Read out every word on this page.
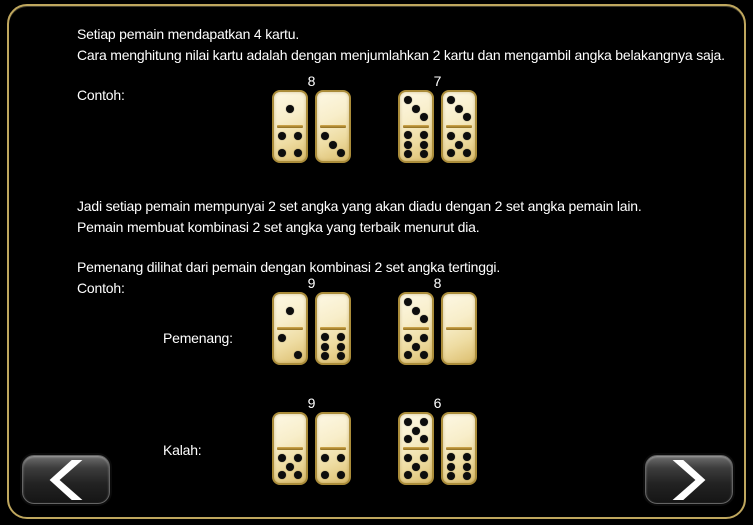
Setiap pemain mendapatkan 4 kartu.
Cara menghitung nilai kartu adalah dengan menjumlahkan 2 kartu dan mengambil angka belakangnya saja.
Contoh:
8	7
Jadi setiap pemain mempunyai 2 set angka yang akan diadu dengan 2 set angka pemain lain.
Pemain membuat kombinasi 2 set angka yang terbaik menurut dia.
Pemenang dilihat dari pemain dengan kombinasi 2 set angka tertinggi.
Contoh:
Pemenang:
9	8
Kalah:
9	6
